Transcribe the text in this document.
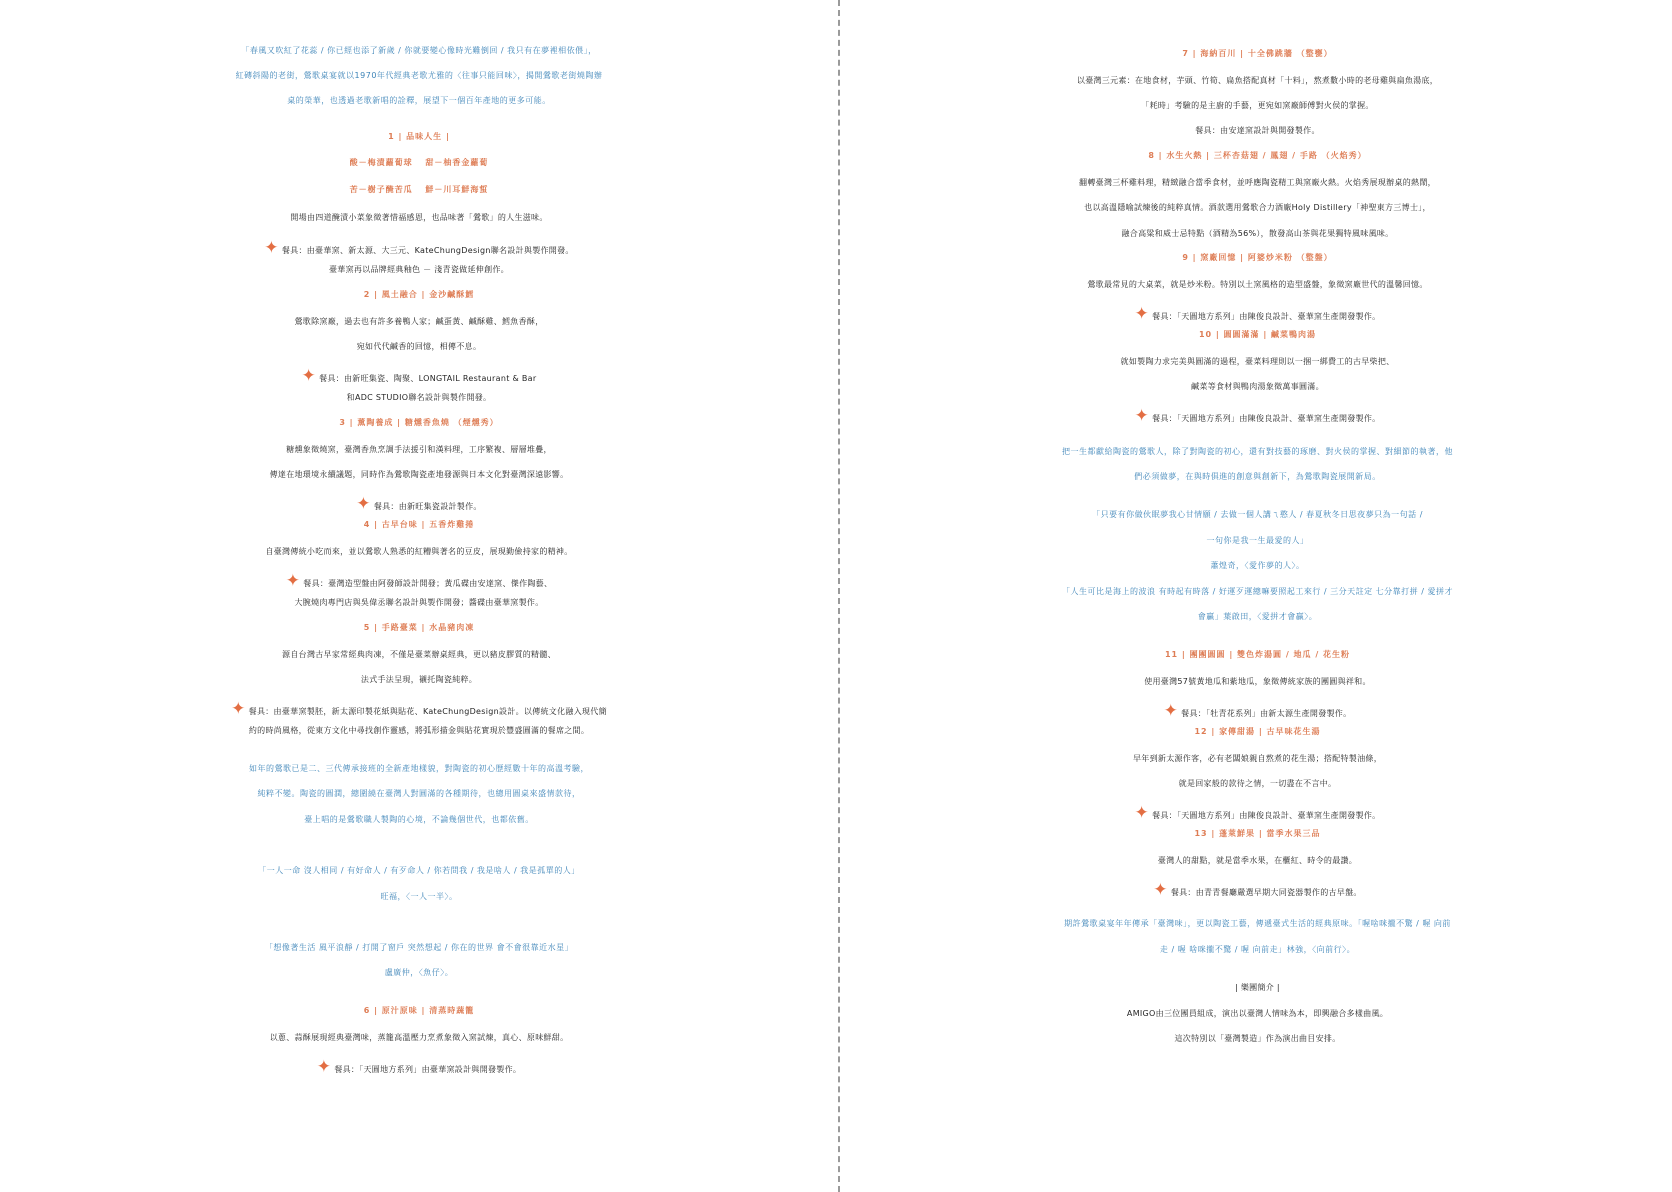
「春風又吹紅了花蕊 / 你已經也添了新歲 / 你就要變心像時光難倒回 / 我只有在夢裡相依偎」，
紅磚斜陽的老街，鶯歌桌宴就以1970年代經典老歌尤雅的〈往事只能回味〉，揭開鶯歌老街燒陶辦
桌的榮華，也透過老歌新唱的詮釋，展望下一個百年產地的更多可能。
1 | 品味人生 |
酸－梅漬蘿蔔球　 甜－柚香金蘿蔔
苦－樹子醃苦瓜　 鮮－川耳鮮海蜇
開場由四道醃漬小菜象徵著惜福感恩，也品味著「鶯歌」的人生滋味。
✦ 餐具：由臺華窯、新太源、大三元、KateChungDesign聯名設計與製作開發。
臺華窯再以品牌經典釉色 － 淺青瓷做延伸創作。
2 | 風土融合 | 金沙鹹酥鱈
鶯歌除窯廠，過去也有許多養鴨人家；鹹蛋黃、鹹酥雞、鱈魚香酥，
宛如代代鹹香的回憶，相傳不息。
✦ 餐具：由新旺集瓷、陶聚、LONGTAIL Restaurant & Bar
和ADC STUDIO聯名設計與製作開發。
3 | 薰陶養成 | 糖燻香魚燒 （煙燻秀）
糖燻象徵燒窯，臺灣香魚烹調手法援引和漢料理，工序繁複、層層堆疊，
傳達在地環境永續議題，同時作為鶯歌陶瓷產地發源與日本文化對臺灣深遠影響。
✦ 餐具：由新旺集瓷設計製作。
4 | 古早台味 | 五香炸雞捲
自臺灣傳統小吃而來，並以鶯歌人熟悉的紅糟與著名的豆皮，展現勤儉持家的精神。
✦ 餐具：臺灣造型盤由阿發師設計開發；黃瓜碟由安達窯、傑作陶藝、
大腕燒肉專門店與吳偉丞聯名設計與製作開發；醬碟由臺華窯製作。
5 | 手路臺菜 | 水晶豬肉凍
源自台灣古早家常經典肉凍，不僅是臺菜辦桌經典，更以豬皮膠質的精髓、
法式手法呈現，襯托陶瓷純粹。
✦ 餐具：由臺華窯製胚，新太源印製花紙與貼花、KateChungDesign設計。以傳統文化融入現代簡
約的時尚風格，從東方文化中尋找創作靈感，將弧形描金與貼花實現於豐盛圓滿的餐席之間。
如年的鶯歌已是二、三代傳承接班的全新產地樣貌，對陶瓷的初心歷經數十年的高溫考驗，
純粹不變。陶瓷的圓潤，總圍繞在臺灣人對圓滿的各種期待，也總用圓桌來盛情款待，
臺上唱的是鶯歌職人製陶的心境，不論幾個世代，也都依舊。
「一人一命 沒人相同 / 有好命人 / 有歹命人 / 你若問我 / 我是啥人 / 我是孤單的人」
旺福，〈一人一半〉。
「想像著生活 風平浪靜 / 打開了窗戶 突然想起 / 你在的世界 會不會很靠近水星」
盧廣仲，〈魚仔〉。
6 | 原汁原味 | 清蒸時蔬籠
以蔥、蒜酥展現經典臺灣味，蒸籠高溫壓力烹煮象徵入窯試煉，真心、原味鮮甜。
✦ 餐具：「天圓地方系列」由臺華窯設計與開發製作。
7 | 海納百川 | 十全佛跳牆 （整甕）
以臺灣三元素：在地食材，芋頭、竹筍、扁魚搭配真材「十料」，熬煮數小時的老母雞與扁魚湯底，
「耗時」考驗的是主廚的手藝，更宛如窯廠師傅對火侯的掌握。
餐具：由安達窯設計與開發製作。
8 | 水生火熱 | 三杯杏菇翅 / 鳳翅 / 手路 （火焰秀）
翻轉臺灣三杯雞料理，精緻融合當季食材，並呼應陶瓷精工與窯廠火熱。火焰秀展現辦桌的熱鬧，
也以高溫隱喻試煉後的純粹真情。酒款選用鶯歌合力酒廠Holy Distillery「神聖東方三博士」，
融合高粱和威士忌特點（酒精為56%），散發高山茶與花果獨特風味風味。
9 | 窯廠回憶 | 阿婆炒米粉 （整盤）
鶯歌最常見的大桌菜，就是炒米粉。特別以土窯風格的造型盛盤，象徵窯廠世代的溫馨回憶。
✦ 餐具：「天圓地方系列」由陳俊良設計、臺華窯生產開發製作。
10 | 圓圓滿滿 | 鹹菜鴨肉湯
就如製陶力求完美與圓滿的過程，臺菜料理則以一捆一綁費工的古早柴把、
鹹菜等食材與鴨肉湯象徵萬事圓滿。
✦ 餐具：「天圓地方系列」由陳俊良設計、臺華窯生產開發製作。
把一生都獻給陶瓷的鶯歌人，除了對陶瓷的初心，還有對技藝的琢磨、對火侯的掌握、對細節的執著，他
們必須做夢，在與時俱進的創意與創新下，為鶯歌陶瓷展開新局。
「只要有你做伙眠夢我心甘情願 / 去做一個人講ㄟ憨人 / 春夏秋冬日思夜夢只為一句話 /
一句你是我一生最愛的人」
蕭煌奇，〈愛作夢的人〉。
「人生可比是海上的波浪 有時起有時落 / 好運歹運總嘛要照起工來行 / 三分天註定 七分靠打拼 / 愛拼才
會贏」葉啟田，〈愛拼才會贏〉。
11 | 團團圓圓 | 雙色炸湯圓 / 地瓜 / 花生粉
使用臺灣57號黃地瓜和紫地瓜，象徵傳統家族的團圓與祥和。
✦ 餐具：「牡青花系列」由新太源生產開發製作。
12 | 家傳甜湯 | 古早味花生湯
早年到新太源作客，必有老闆娘親自熬煮的花生湯；搭配特製油條，
就是回家般的款待之情，一切盡在不言中。
✦ 餐具：「天圓地方系列」由陳俊良設計、臺華窯生產開發製作。
13 | 蓬萊鮮果 | 當季水果三品
臺灣人的甜點，就是當季水果，在櫃紅、時令的最讚。
✦ 餐具：由青青餐廳嚴選早期大同瓷器製作的古早盤。
期許鶯歌桌宴年年傳承「臺灣味」，更以陶瓷工藝，傳遞臺式生活的經典原味。「喔啥咪攏不驚 / 喔 向前
走 / 喔 啥咪攏不驚 / 喔 向前走」林強，〈向前行〉。
| 樂團簡介 |
AMIGO由三位團員組成，演出以臺灣人情味為本，即興融合多樣曲風。
這次特別以「臺灣製造」作為演出曲目安排。
